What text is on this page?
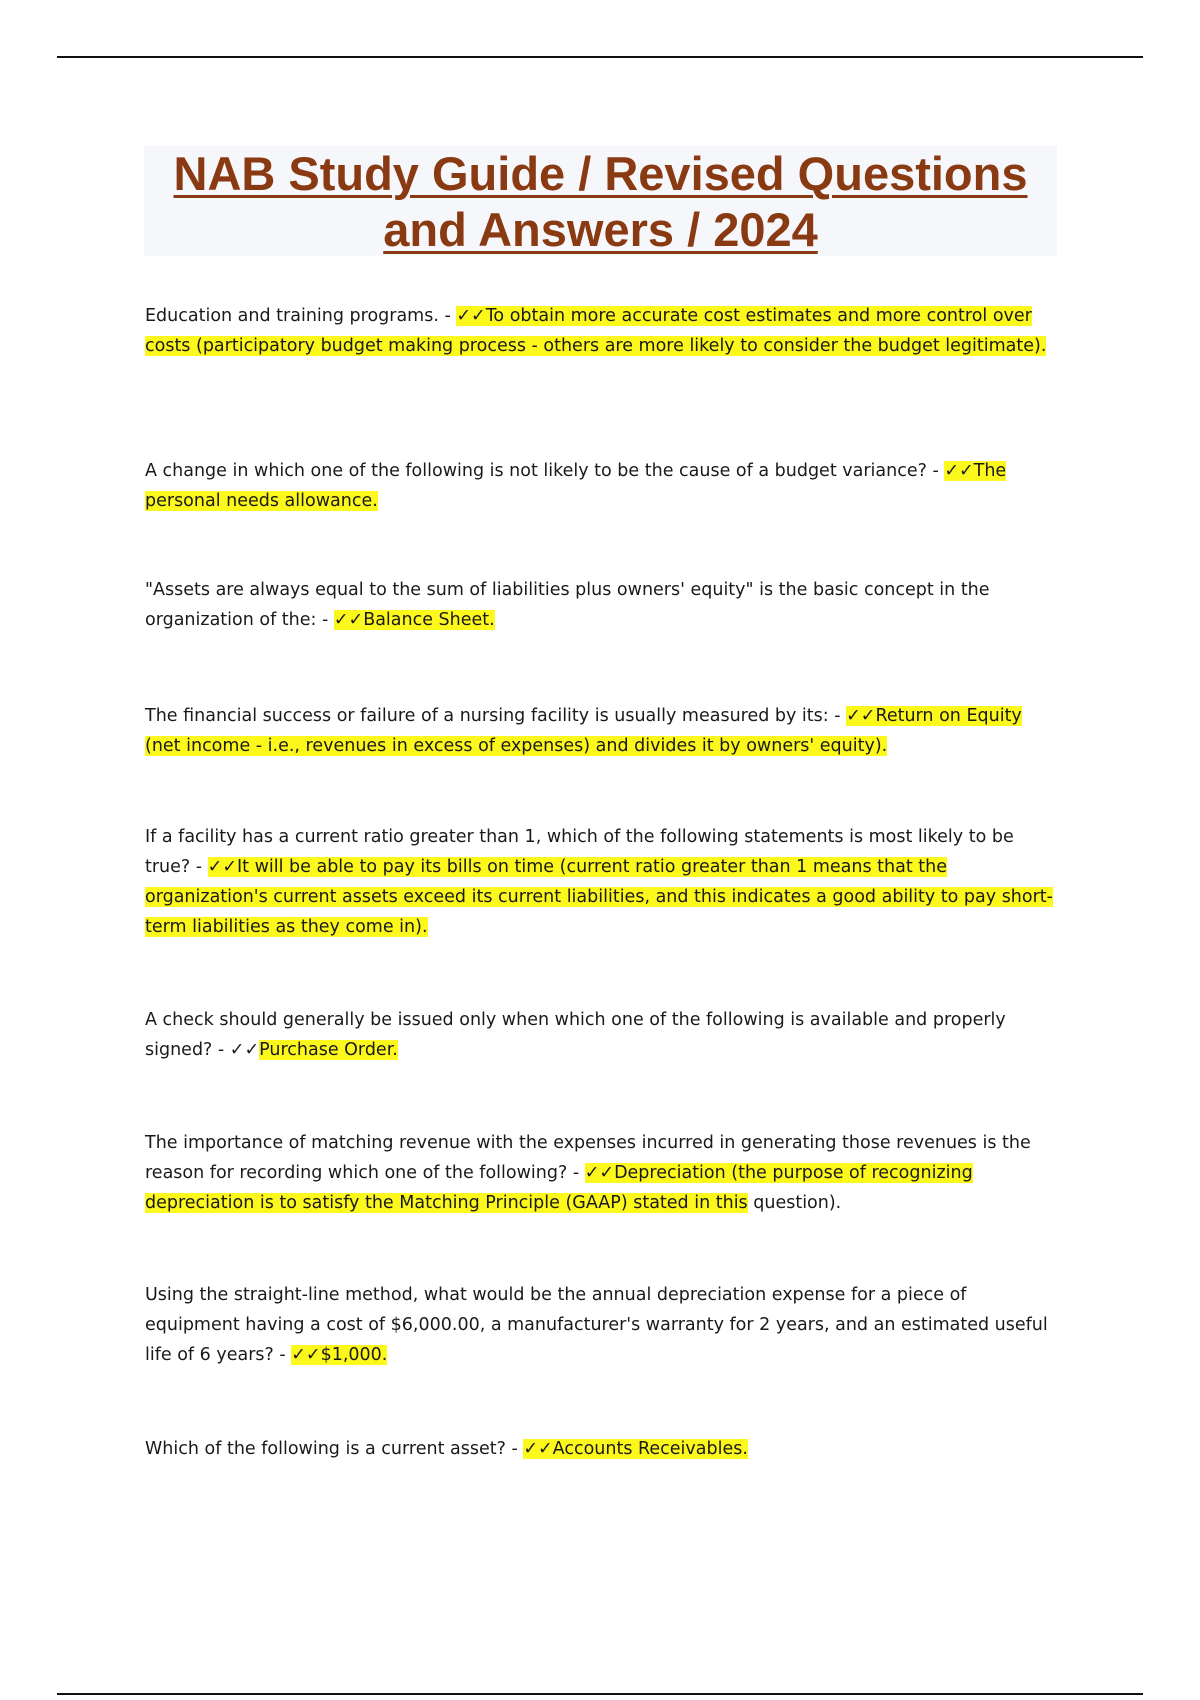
NAB Study Guide / Revised Questions
and Answers / 2024

Education and training programs. - ✓✓To obtain more accurate cost estimates and more control over costs (participatory budget making process - others are more likely to consider the budget legitimate).

A change in which one of the following is not likely to be the cause of a budget variance? - ✓✓The personal needs allowance.

"Assets are always equal to the sum of liabilities plus owners' equity" is the basic concept in the organization of the: - ✓✓Balance Sheet.

The financial success or failure of a nursing facility is usually measured by its: - ✓✓Return on Equity (net income - i.e., revenues in excess of expenses) and divides it by owners' equity).

If a facility has a current ratio greater than 1, which of the following statements is most likely to be true? - ✓✓It will be able to pay its bills on time (current ratio greater than 1 means that the organization's current assets exceed its current liabilities, and this indicates a good ability to pay short-term liabilities as they come in).

A check should generally be issued only when which one of the following is available and properly signed? - ✓✓Purchase Order.

The importance of matching revenue with the expenses incurred in generating those revenues is the reason for recording which one of the following? - ✓✓Depreciation (the purpose of recognizing depreciation is to satisfy the Matching Principle (GAAP) stated in this question).

Using the straight-line method, what would be the annual depreciation expense for a piece of equipment having a cost of $6,000.00, a manufacturer's warranty for 2 years, and an estimated useful life of 6 years? - ✓✓$1,000.

Which of the following is a current asset? - ✓✓Accounts Receivables.
